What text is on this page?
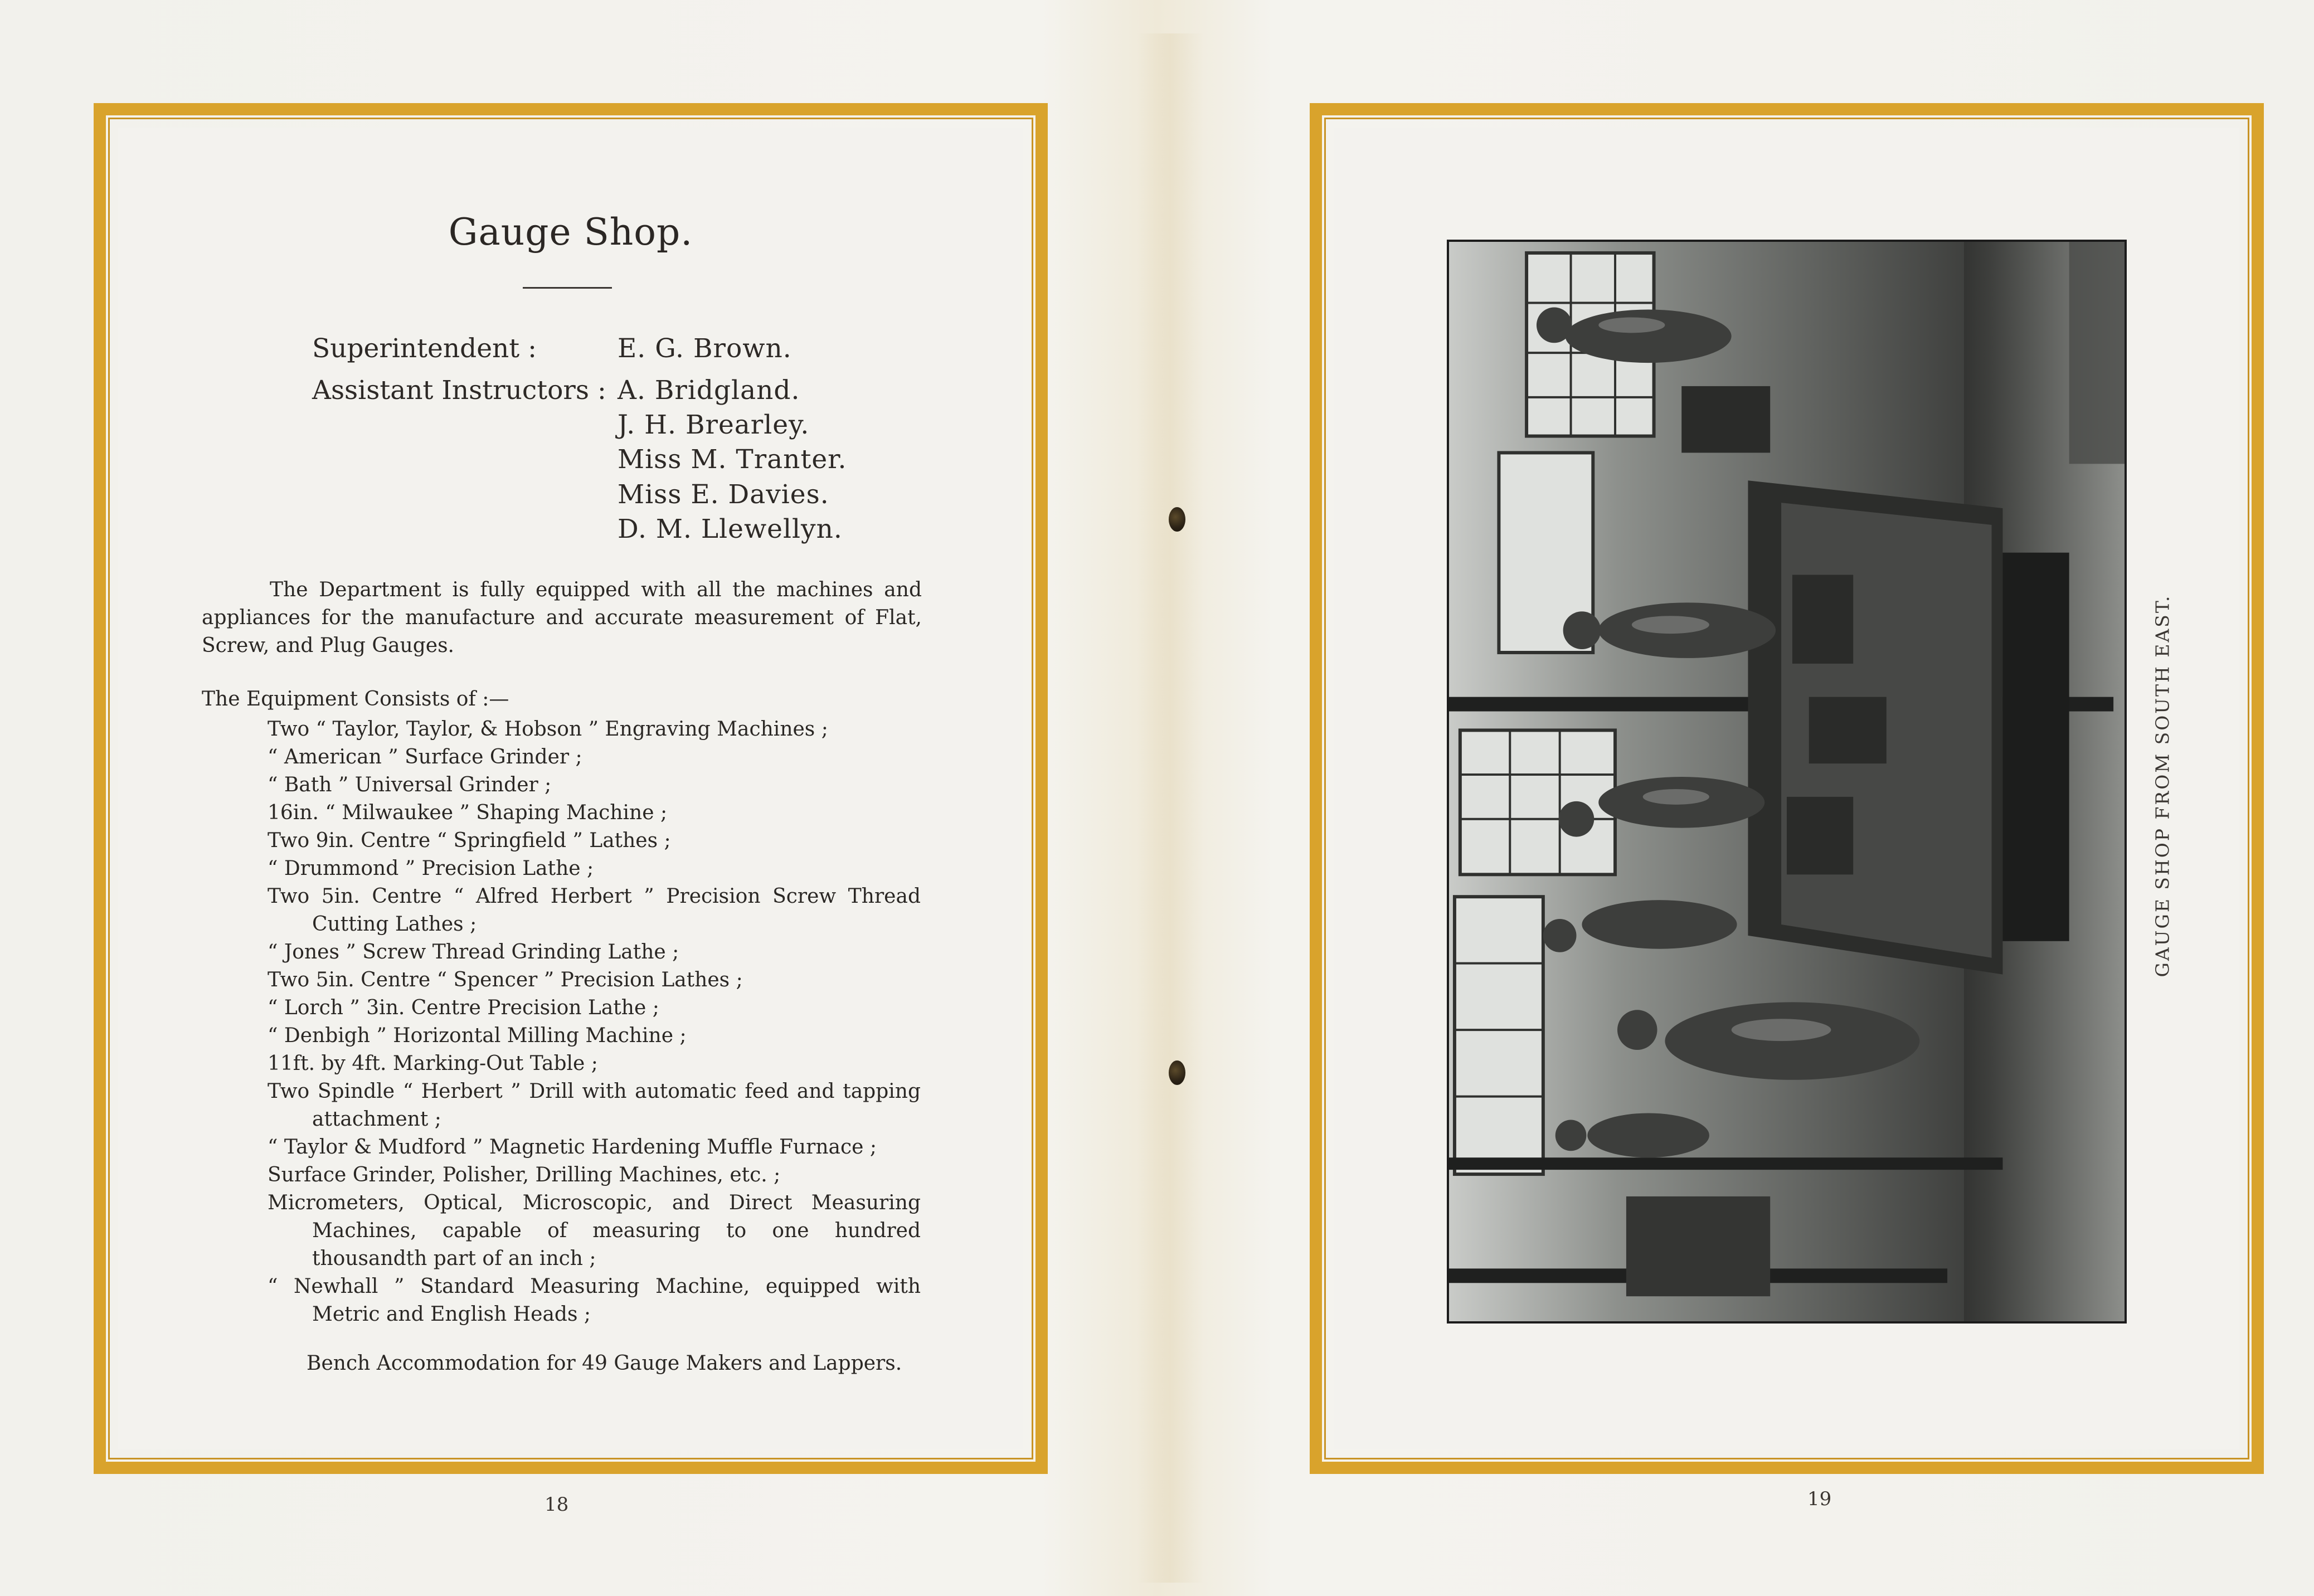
Gauge Shop.
Superintendent :	E. G. Brown.
Assistant Instructors : A. Bridgland.
J. H. Brearley.
Miss M. Tranter.
Miss E. Davies.
D. M. Llewellyn.

The Department is fully equipped with all the machines and

appliances for the manufacture and accurate measurement of Flat,

Screw, and Plug Gauges.

The Equipment Consists of :—
Two “ Taylor, Taylor, & Hobson ” Engraving Machines ;
“ American ” Surface Grinder ;
“ Bath ” Universal Grinder ;
16in. “ Milwaukee ” Shaping Machine ;
Two 9in. Centre “ Springfield ” Lathes ;
“ Drummond ” Precision Lathe ;
Two 5in. Centre “ Alfred Herbert ” Precision Screw Thread Cutting Lathes ;
“ Jones ” Screw Thread Grinding Lathe ;
Two 5in. Centre “ Spencer ” Precision Lathes ;
“ Lorch ” 3in. Centre Precision Lathe ;
“ Denbigh ” Horizontal Milling Machine ;
11ft. by 4ft. Marking-Out Table ;
Two Spindle “ Herbert ” Drill with automatic feed and tapping attachment ;
“ Taylor & Mudford ” Magnetic Hardening Muffle Furnace ;
Surface Grinder, Polisher, Drilling Machines, etc. ;
Micrometers, Optical, Microscopic, and Direct Measuring Machines, capable of measuring to one hundred thousandth part of an inch ;
“ Newhall ” Standard Measuring Machine, equipped with Metric and English Heads ;
Bench Accommodation for 49 Gauge Makers and Lappers.
18
GAUGE SHOP FROM SOUTH EAST.
19
